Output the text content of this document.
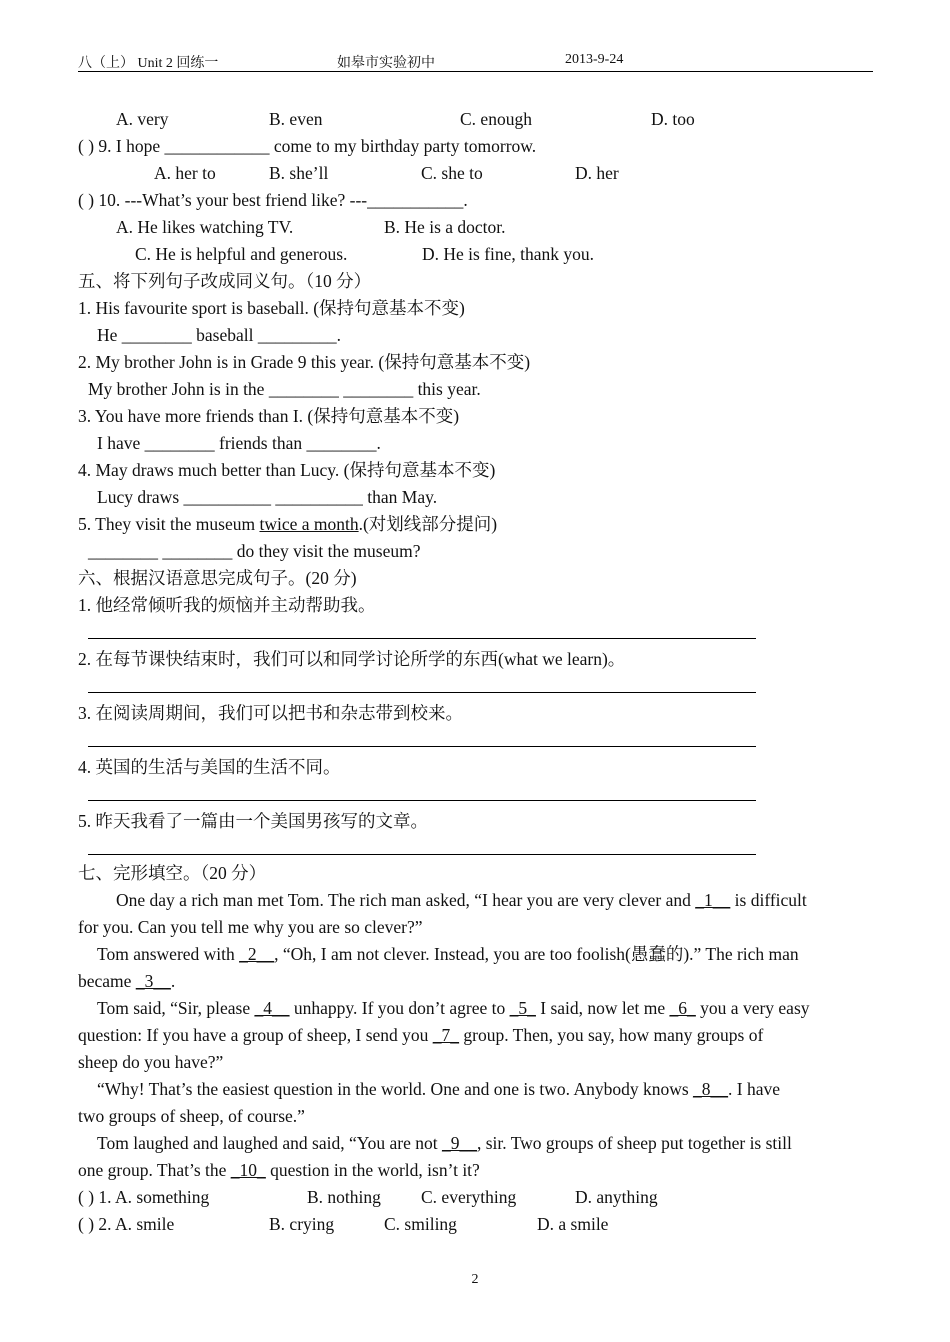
八（上） Unit 2 回练一	如皋市实验初中	2013-9-24
A. very	B. even	C. enough	D. too
( ) 9. I hope ____________ come to my birthday party tomorrow.
A. her to	B. she’ll	C. she to	D. her
( ) 10. ---What’s your best friend like? ---___________.
A. He likes watching TV.	B. He is a doctor.
C. He is helpful and generous.	D. He is fine, thank you.
五、将下列句子改成同义句。（10 分）
1. His favourite sport is baseball. (保持句意基本不变)
He ________ baseball _________.
2. My brother John is in Grade 9 this year. (保持句意基本不变)
My brother John is in the ________ ________ this year.
3. You have more friends than I. (保持句意基本不变)
I have ________ friends than ________.
4. May draws much better than Lucy. (保持句意基本不变)
Lucy draws __________ __________ than May.
5. They visit the museum twice a month.(对划线部分提问)
________ ________ do they visit the museum?
六、根据汉语意思完成句子。(20 分)
1. 他经常倾听我的烦恼并主动帮助我。
2. 在每节课快结束时，我们可以和同学讨论所学的东西(what we learn)。
3. 在阅读周期间，我们可以把书和杂志带到校来。
4. 英国的生活与美国的生活不同。
5. 昨天我看了一篇由一个美国男孩写的文章。
七、完形填空。（20 分）
One day a rich man met Tom. The rich man asked, “I hear you are very clever and _1__ is difficult
for you. Can you tell me why you are so clever?”
Tom answered with _2__, “Oh, I am not clever. Instead, you are too foolish(愚蠢的).” The rich man
became _3__.
Tom said, “Sir, please _4__ unhappy. If you don’t agree to _5_ I said, now let me _6_ you a very easy
question: If you have a group of sheep, I send you _7_ group. Then, you say, how many groups of
sheep do you have?”
“Why! That’s the easiest question in the world. One and one is two. Anybody knows _8__. I have
two groups of sheep, of course.”
Tom laughed and laughed and said, “You are not _9__, sir. Two groups of sheep put together is still
one group. That’s the _10_ question in the world, isn’t it?
( ) 1. A. something	B. nothing C. everything	D. anything
( ) 2. A. smile	B. crying	C. smiling	D. a smile
2
